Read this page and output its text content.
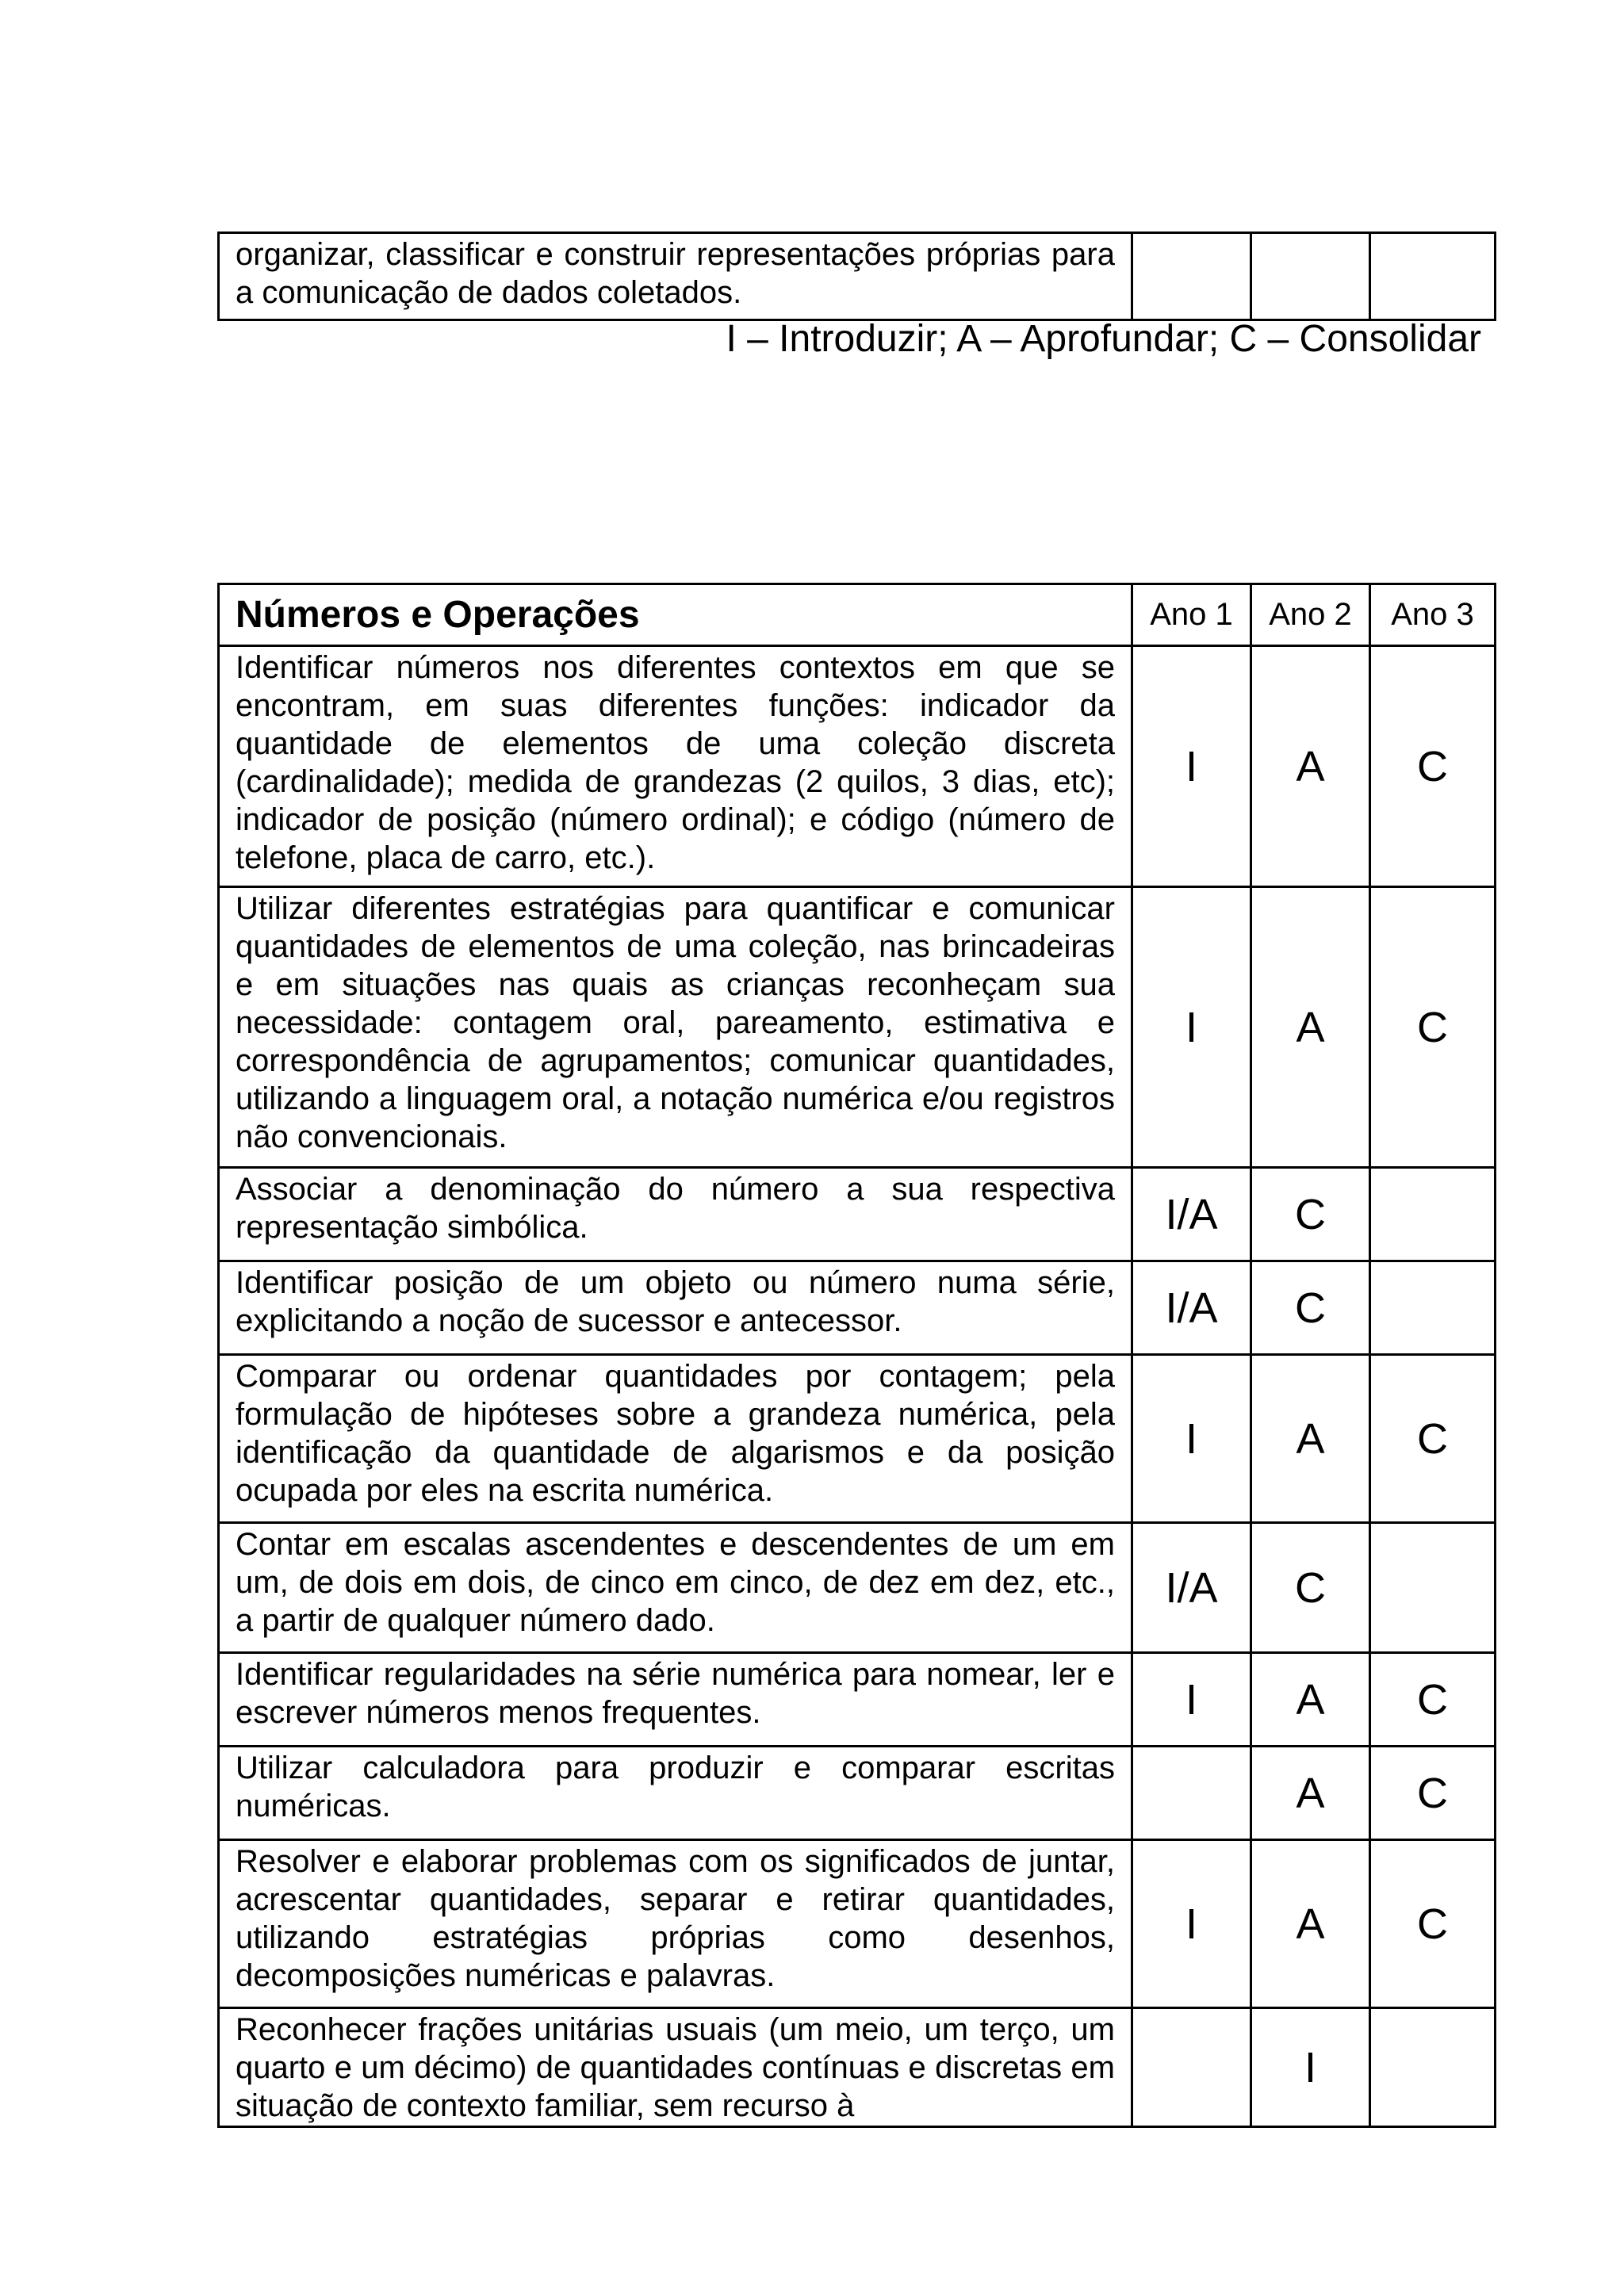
organizar, classificar e construir representações próprias para a comunicação de dados coletados.			
I – Introduzir; A – Aprofundar; C – Consolidar
Números e Operações	Ano 1	Ano 2	Ano 3
Identificar números nos diferentes contextos em que se encontram, em suas diferentes funções: indicador da quantidade de elementos de uma coleção discreta (cardinalidade); medida de grandezas (2 quilos, 3 dias, etc); indicador de posição (número ordinal); e código (número de telefone, placa de carro, etc.).	I	A	C
Utilizar diferentes estratégias para quantificar e comunicar quantidades de elementos de uma coleção, nas brincadeiras e em situações nas quais as crianças reconheçam sua necessidade: contagem oral, pareamento, estimativa e correspondência de agrupamentos; comunicar quantidades, utilizando a linguagem oral, a notação numérica e/ou registros não convencionais.	I	A	C
Associar a denominação do número a sua respectiva representação simbólica.	I/A	C	
Identificar posição de um objeto ou número numa série, explicitando a noção de sucessor e antecessor.	I/A	C	
Comparar ou ordenar quantidades por contagem; pela formulação de hipóteses sobre a grandeza numérica, pela identificação da quantidade de algarismos e da posição ocupada por eles na escrita numérica.	I	A	C
Contar em escalas ascendentes e descendentes de um em um, de dois em dois, de cinco em cinco, de dez em dez, etc., a partir de qualquer número dado.	I/A	C	
Identificar regularidades na série numérica para nomear, ler e escrever números menos frequentes.	I	A	C
Utilizar calculadora para produzir e comparar escritas numéricas.		A	C
Resolver e elaborar problemas com os significados de juntar, acrescentar quantidades, separar e retirar quantidades, utilizando estratégias próprias como desenhos, decomposições numéricas e palavras.	I	A	C
Reconhecer frações unitárias usuais (um meio, um terço, um quarto e um décimo) de quantidades contínuas e discretas em situação de contexto familiar, sem recurso à		I	
